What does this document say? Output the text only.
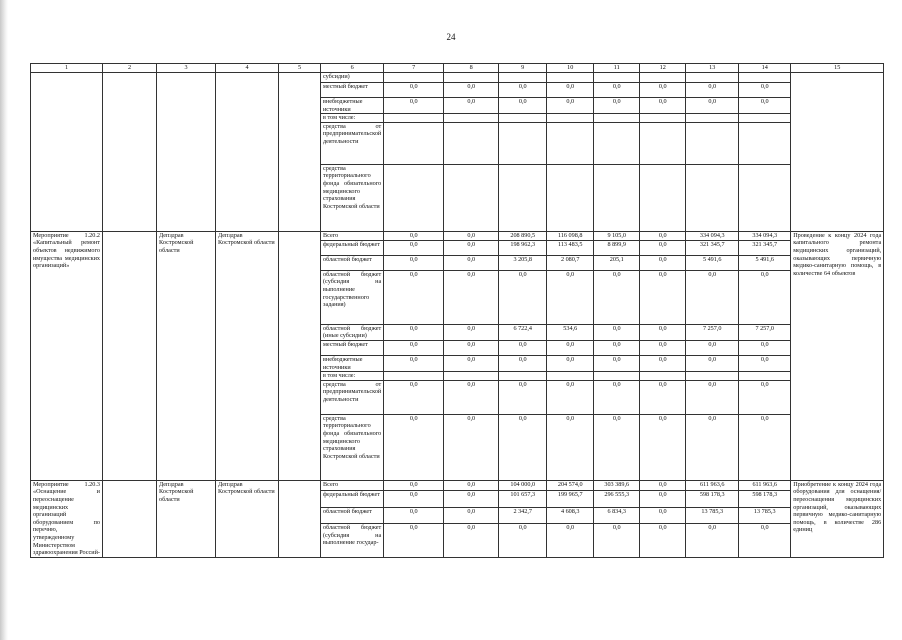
24
1	2	3	4	5	6	7	8	9	10	11	12	13	14	15
					субсидии)									
					местный бюджет	0,0	0,0	0,0	0,0	0,0	0,0	0,0	0,0	
					внебюджетные источники	0,0	0,0	0,0	0,0	0,0	0,0	0,0	0,0	
					в том числе:									
					средства от предпринимательской деятельности									
					средства территориального фонда обязательного медицинского страхования Костромской области									
Мероприятие 1.20.2 «Капитальный ремонт объектов недвижимого имущества медицинских организаций»		Депздрав Костромской области	Депздрав Костромской области		Всего	0,0	0,0	208 890,5	116 098,8	9 105,0	0,0	334 094,3	334 094,3	Проведение к концу 2024 года капитального ремонта медицинских организаций, оказывающих первичную медико-санитарную помощь, в количестве 64 объектов
					федеральный бюджет	0,0	0,0	198 962,3	113 483,5	8 899,9	0,0	321 345,7	321 345,7	
					областной бюджет	0,0	0,0	3 205,8	2 080,7	205,1	0,0	5 491,6	5 491,6	
					областной бюджет (субсидия на выполнение государственного задания)	0,0	0,0	0,0	0,0	0,0	0,0	0,0	0,0	
					областной бюджет (иные субсидии)	0,0	0,0	6 722,4	534,6	0,0	0,0	7 257,0	7 257,0	
					местный бюджет	0,0	0,0	0,0	0,0	0,0	0,0	0,0	0,0	
					внебюджетные источники	0,0	0,0	0,0	0,0	0,0	0,0	0,0	0,0	
					в том числе:									
					средства от предпринимательской деятельности	0,0	0,0	0,0	0,0	0,0	0,0	0,0	0,0	
					средства территориального фонда обязательного медицинского страхования Костромской области	0,0	0,0	0,0	0,0	0,0	0,0	0,0	0,0	
Мероприятие 1.20.3 «Оснащение и переоснащение медицинских организаций оборудованием по перечню, утвержденному Министерством здравоохранения Россий-		Депздрав Костромской области	Депздрав Костромской области		Всего	0,0	0,0	104 000,0	204 574,0	303 389,6	0,0	611 963,6	611 963,6	Приобретение к концу 2024 года оборудования для оснащения/переоснащения медицинских организаций, оказывающих первичную медико-санитарную помощь, в количестве 286 единиц
					федеральный бюджет	0,0	0,0	101 657,3	199 965,7	296 555,3	0,0	598 178,3	598 178,3	
					областной бюджет	0,0	0,0	2 342,7	4 608,3	6 834,3	0,0	13 785,3	13 785,3	
					областной бюджет (субсидия на выполнение государ-	0,0	0,0	0,0	0,0	0,0	0,0	0,0	0,0	
